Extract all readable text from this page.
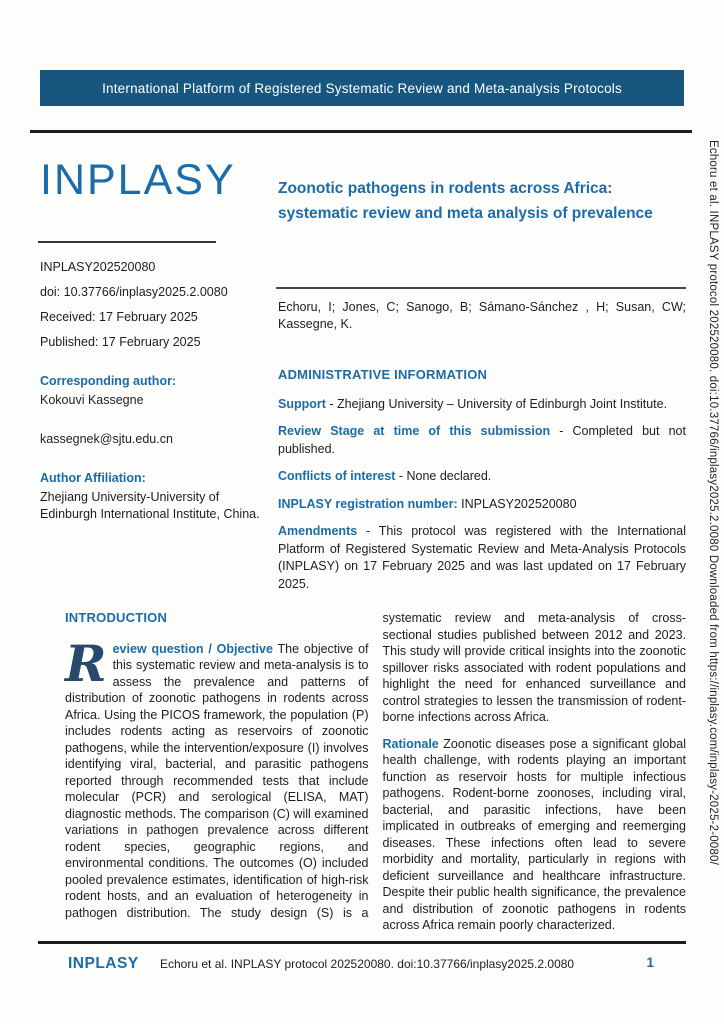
International Platform of Registered Systematic Review and Meta-analysis Protocols
INPLASY
INPLASY202520080
doi: 10.37766/inplasy2025.2.0080
Received: 17 February 2025
Published: 17 February 2025
Corresponding author:
Kokouvi Kassegne
kassegnek@sjtu.edu.cn
Author Affiliation:
Zhejiang University-University of Edinburgh International Institute, China.
Zoonotic pathogens in rodents across Africa: systematic review and meta analysis of prevalence
Echoru, I; Jones, C; Sanogo, B; Sámano-Sánchez , H; Susan, CW; Kassegne, K.
ADMINISTRATIVE INFORMATION

Support - Zhejiang University – University of Edinburgh Joint Institute.

Review Stage at time of this submission - Completed but not published.

Conflicts of interest - None declared.

INPLASY registration number: INPLASY202520080

Amendments - This protocol was registered with the International Platform of Registered Systematic Review and Meta-Analysis Protocols (INPLASY) on 17 February 2025 and was last updated on 17 February 2025.

INTRODUCTION

Review question / Objective The objective of this systematic review and meta-analysis is to assess the prevalence and patterns of distribution of zoonotic pathogens in rodents across Africa. Using the PICOS framework, the population (P) includes rodents acting as reservoirs of zoonotic pathogens, while the intervention/exposure (I) involves identifying viral, bacterial, and parasitic pathogens reported through recommended tests that include molecular (PCR) and serological (ELISA, MAT) diagnostic methods. The comparison (C) will examined variations in pathogen prevalence across different rodent species, geographic regions, and environmental conditions. The outcomes (O) included pooled prevalence estimates, identification of high-risk rodent hosts, and an evaluation of heterogeneity in pathogen distribution. The study design (S) is a systematic review and meta-analysis of cross-sectional studies published between 2012 and 2023. This study will provide critical insights into the zoonotic spillover risks associated with rodent populations and highlight the need for enhanced surveillance and control strategies to lessen the transmission of rodent-borne infections across Africa.

Rationale Zoonotic diseases pose a significant global health challenge, with rodents playing an important function as reservoir hosts for multiple infectious pathogens. Rodent-borne zoonoses, including viral, bacterial, and parasitic infections, have been implicated in outbreaks of emerging and reemerging diseases. These infections often lead to severe morbidity and mortality, particularly in regions with deficient surveillance and healthcare infrastructure. Despite their public health significance, the prevalence and distribution of zoonotic pathogens in rodents across Africa remain poorly characterized.

INPLASY Echoru et al. INPLASY protocol 202520080. doi:10.37766/inplasy2025.2.0080	1
Echoru et al. INPLASY protocol 202520080. doi:10.37766/inplasy2025.2.0080 Downloaded from https://inplasy.com/inplasy-2025-2-0080/
